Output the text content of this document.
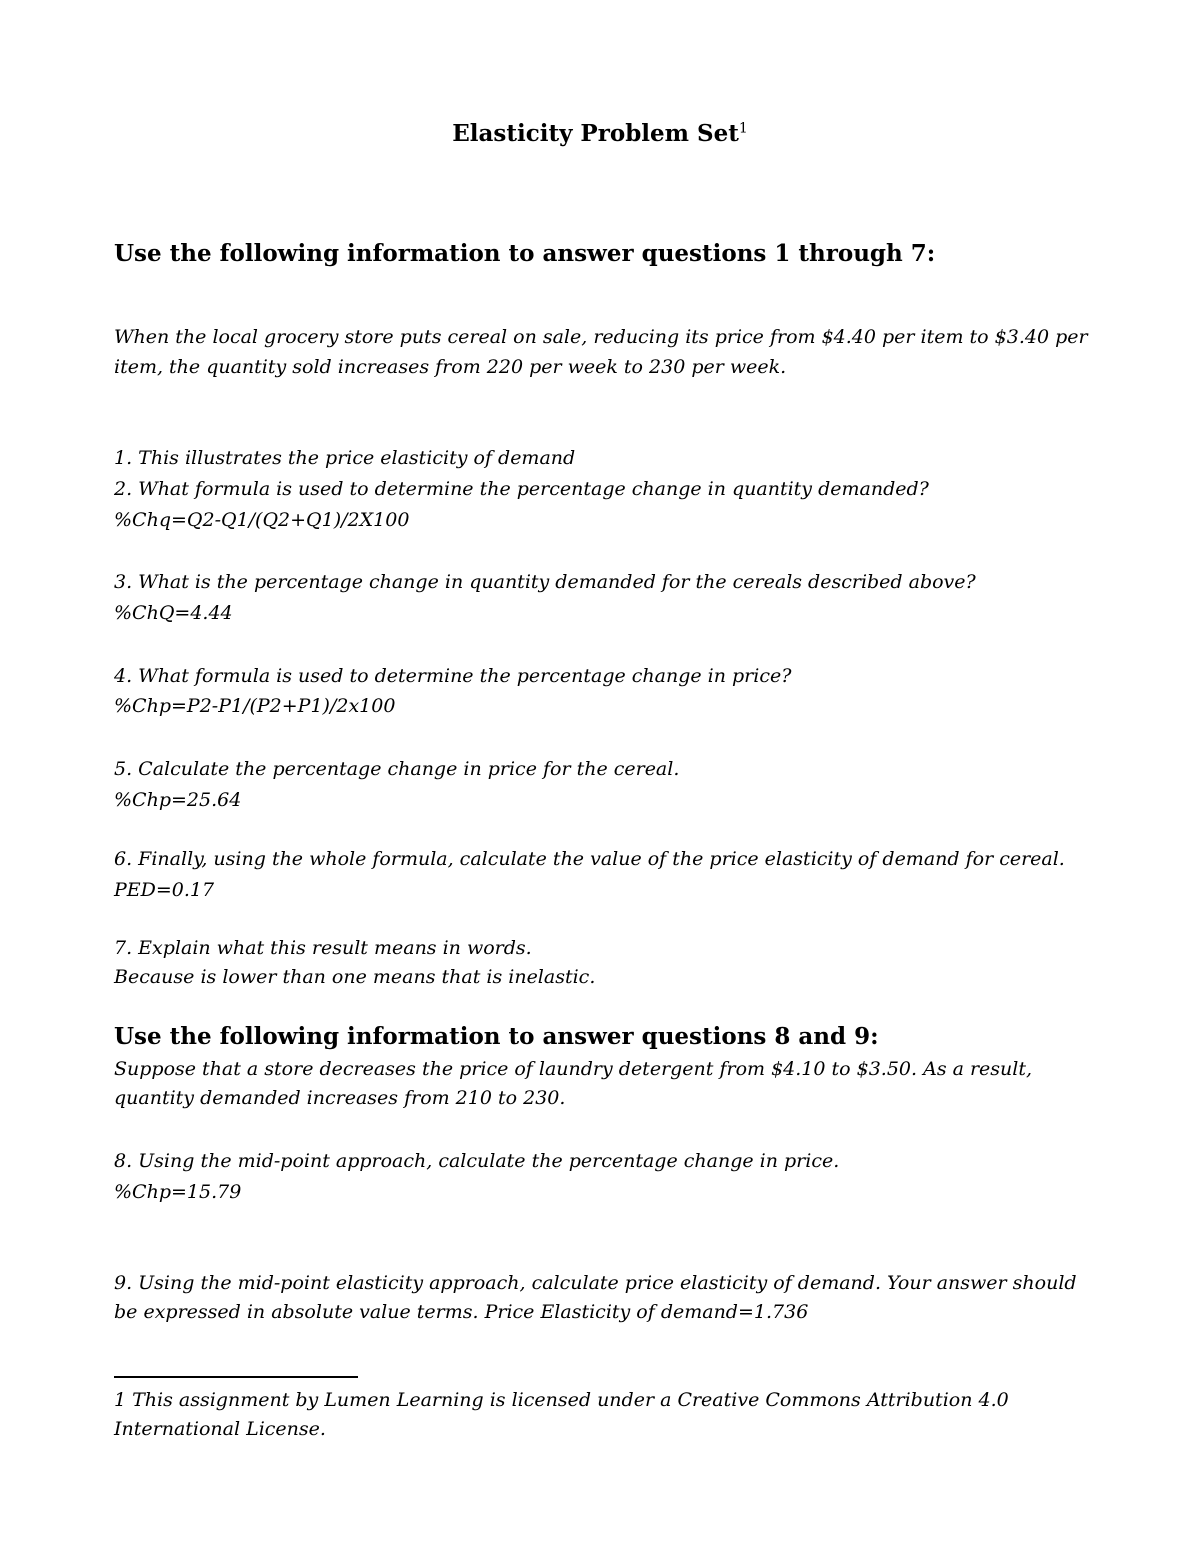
Elasticity Problem Set$^1$
Use the following information to answer questions 1 through 7:
When the local grocery store puts cereal on sale, reducing its price from $4.40 per item to $3.40 per
item, the quantity sold increases from 220 per week to 230 per week.
1. This illustrates the price elasticity of demand
2. What formula is used to determine the percentage change in quantity demanded?
%Chq=Q2-Q1/(Q2+Q1)/2X100
3. What is the percentage change in quantity demanded for the cereals described above?
%ChQ=4.44
4. What formula is used to determine the percentage change in price?
%Chp=P2-P1/(P2+P1)/2x100
5. Calculate the percentage change in price for the cereal.
%Chp=25.64
6. Finally, using the whole formula, calculate the value of the price elasticity of demand for cereal.
PED=0.17
7. Explain what this result means in words.
Because is lower than one means that is inelastic.
Use the following information to answer questions 8 and 9:
Suppose that a store decreases the price of laundry detergent from $4.10 to $3.50. As a result,
quantity demanded increases from 210 to 230.
8. Using the mid-point approach, calculate the percentage change in price.
%Chp=15.79
9. Using the mid-point elasticity approach, calculate price elasticity of demand. Your answer should
be expressed in absolute value terms. Price Elasticity of demand=1.736
1 This assignment by Lumen Learning is licensed under a Creative Commons Attribution 4.0
International License.
